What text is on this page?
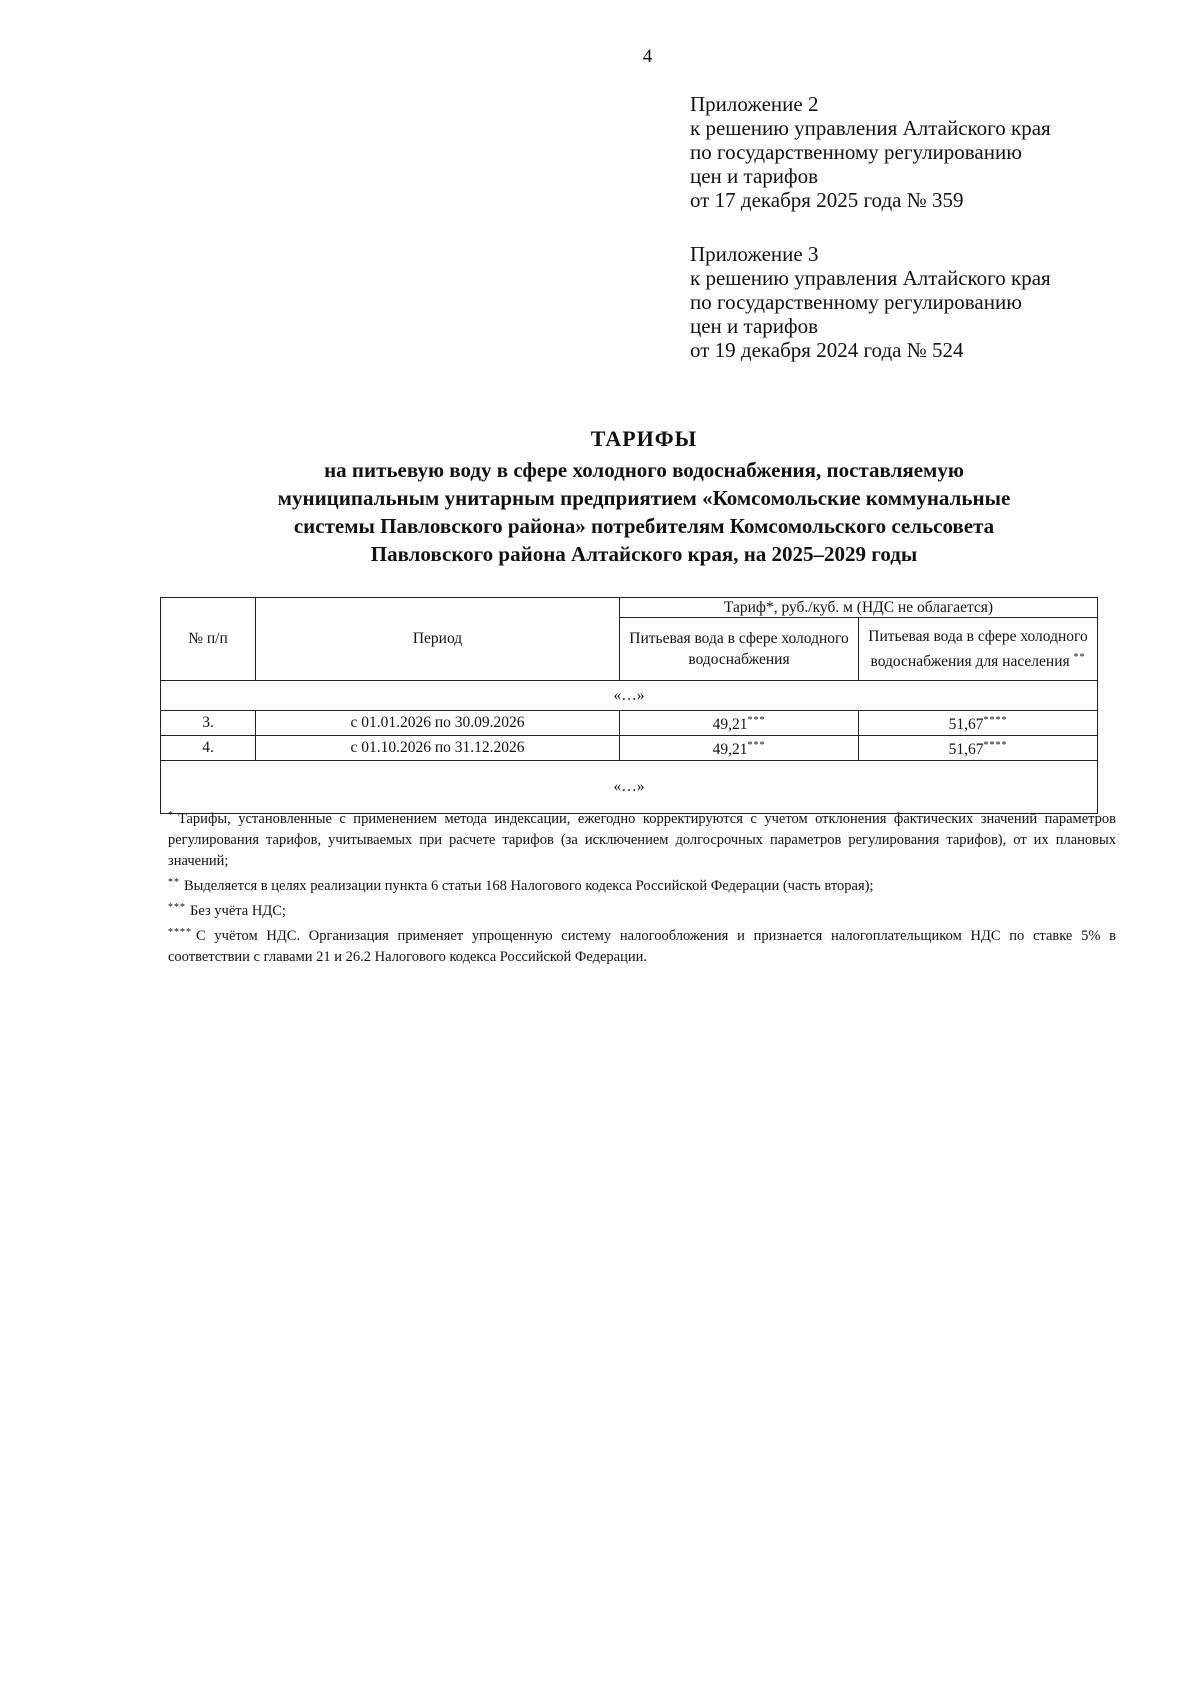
4
Приложение 2
к решению управления Алтайского края
по государственному регулированию
цен и тарифов
от 17 декабря 2025 года № 359
Приложение 3
к решению управления Алтайского края
по государственному регулированию
цен и тарифов
от 19 декабря 2024 года № 524
ТАРИФЫ
на питьевую воду в сфере холодного водоснабжения, поставляемую
муниципальным унитарным предприятием «Комсомольские коммунальные
системы Павловского района» потребителям Комсомольского сельсовета
Павловского района Алтайского края, на 2025–2029 годы
№ п/п	Период	Тариф*, руб./куб. м (НДС не облагается)	
		Питьевая вода в сфере холодного водоснабжения	Питьевая вода в сфере холодного водоснабжения для населения **
«…»			
3.	с 01.01.2026 по 30.09.2026	49,21***	51,67****
4.	с 01.10.2026 по 31.12.2026	49,21***	51,67****
«…»			

* Тарифы, установленные с применением метода индексации, ежегодно корректируются с учетом отклонения фактических значений параметров регулирования тарифов, учитываемых при расчете тарифов (за исключением долгосрочных параметров регулирования тарифов), от их плановых значений;

** Выделяется в целях реализации пункта 6 статьи 168 Налогового кодекса Российской Федерации (часть вторая);

*** Без учёта НДС;

**** С учётом НДС. Организация применяет упрощенную систему налогообложения и признается налогоплательщиком НДС по ставке 5% в соответствии с главами 21 и 26.2 Налогового кодекса Российской Федерации.
